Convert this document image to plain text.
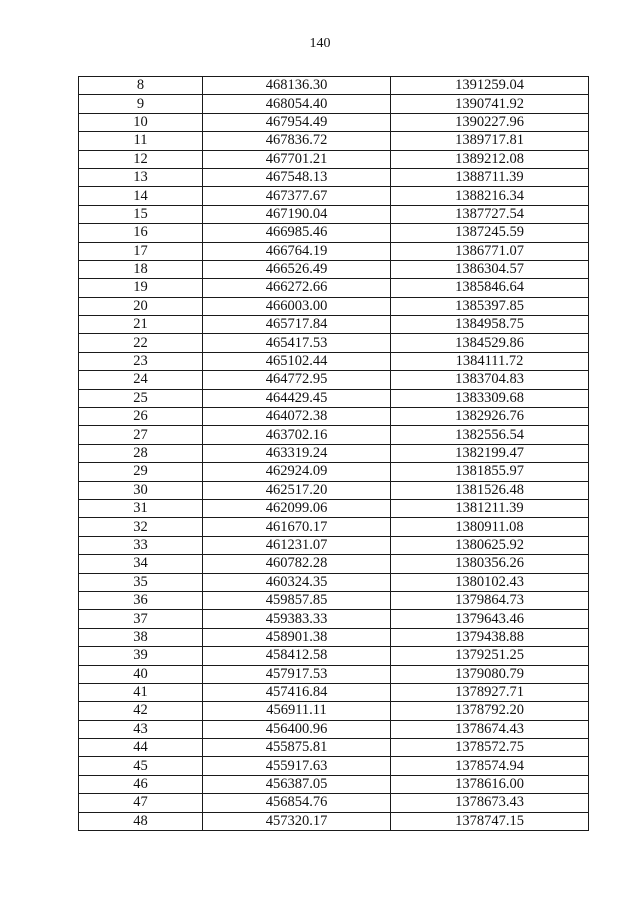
140
8	468136.30	1391259.04
9	468054.40	1390741.92
10	467954.49	1390227.96
11	467836.72	1389717.81
12	467701.21	1389212.08
13	467548.13	1388711.39
14	467377.67	1388216.34
15	467190.04	1387727.54
16	466985.46	1387245.59
17	466764.19	1386771.07
18	466526.49	1386304.57
19	466272.66	1385846.64
20	466003.00	1385397.85
21	465717.84	1384958.75
22	465417.53	1384529.86
23	465102.44	1384111.72
24	464772.95	1383704.83
25	464429.45	1383309.68
26	464072.38	1382926.76
27	463702.16	1382556.54
28	463319.24	1382199.47
29	462924.09	1381855.97
30	462517.20	1381526.48
31	462099.06	1381211.39
32	461670.17	1380911.08
33	461231.07	1380625.92
34	460782.28	1380356.26
35	460324.35	1380102.43
36	459857.85	1379864.73
37	459383.33	1379643.46
38	458901.38	1379438.88
39	458412.58	1379251.25
40	457917.53	1379080.79
41	457416.84	1378927.71
42	456911.11	1378792.20
43	456400.96	1378674.43
44	455875.81	1378572.75
45	455917.63	1378574.94
46	456387.05	1378616.00
47	456854.76	1378673.43
48	457320.17	1378747.15
